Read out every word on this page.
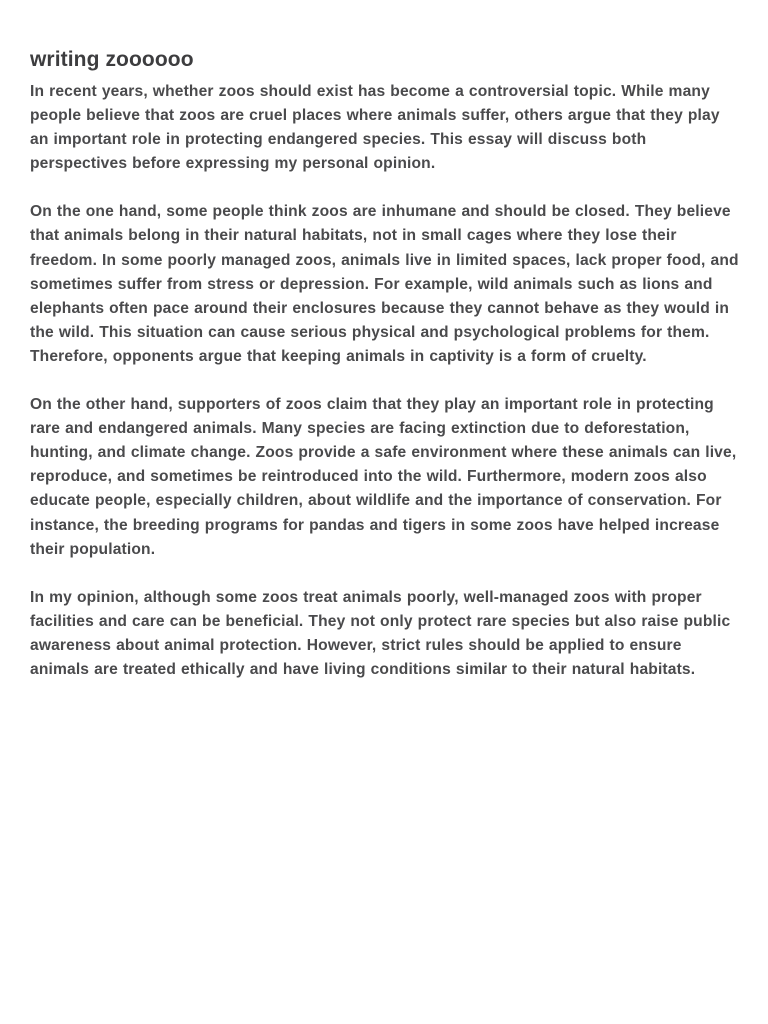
writing zoooooo

In recent years, whether zoos should exist has become a controversial topic. While many people believe that zoos are cruel places where animals suffer, others argue that they play an important role in protecting endangered species. This essay will discuss both perspectives before expressing my personal opinion.

On the one hand, some people think zoos are inhumane and should be closed. They believe that animals belong in their natural habitats, not in small cages where they lose their freedom. In some poorly managed zoos, animals live in limited spaces, lack proper food, and sometimes suffer from stress or depression. For example, wild animals such as lions and elephants often pace around their enclosures because they cannot behave as they would in the wild. This situation can cause serious physical and psychological problems for them. Therefore, opponents argue that keeping animals in captivity is a form of cruelty.

On the other hand, supporters of zoos claim that they play an important role in protecting rare and endangered animals. Many species are facing extinction due to deforestation, hunting, and climate change. Zoos provide a safe environment where these animals can live, reproduce, and sometimes be reintroduced into the wild. Furthermore, modern zoos also educate people, especially children, about wildlife and the importance of conservation. For instance, the breeding programs for pandas and tigers in some zoos have helped increase their population.

In my opinion, although some zoos treat animals poorly, well-managed zoos with proper facilities and care can be beneficial. They not only protect rare species but also raise public awareness about animal protection. However, strict rules should be applied to ensure animals are treated ethically and have living conditions similar to their natural habitats.
